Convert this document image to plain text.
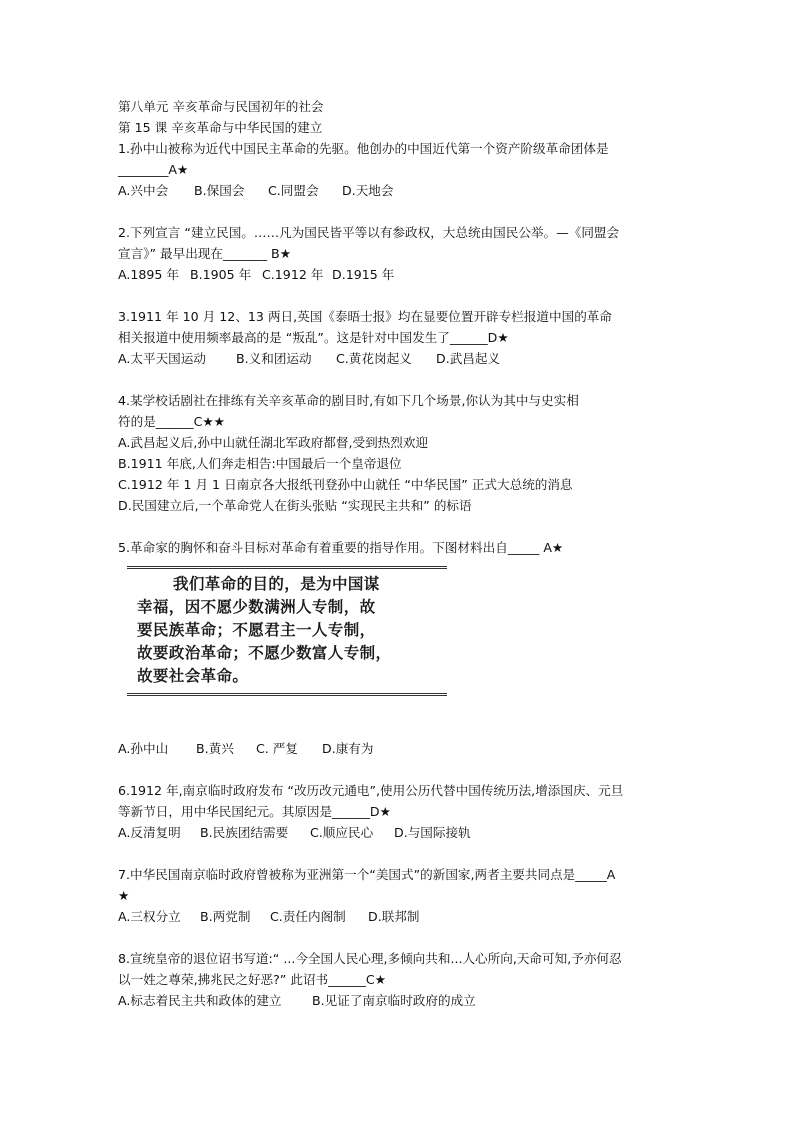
第八单元 辛亥革命与民国初年的社会
第 15 课 辛亥革命与中华民国的建立
1.孙中山被称为近代中国民主革命的先驱。他创办的中国近代第一个资产阶级革命团体是
________A★
A.兴中会 B.保国会 C.同盟会 D.天地会
2.下列宣言 “建立民国。……凡为国民皆平等以有参政权，大总统由国民公举。—《同盟会
宣言》” 最早出现在_______ B★
A.1895 年 B.1905 年 C.1912 年 D.1915 年
3.1911 年 10 月 12、13 两日,英国《泰晤士报》均在显要位置开辟专栏报道中国的革命
相关报道中使用频率最高的是 “叛乱”。这是针对中国发生了______D★
A.太平天国运动 B.义和团运动 C.黄花岗起义 D.武昌起义
4.某学校话剧社在排练有关辛亥革命的剧目时,有如下几个场景,你认为其中与史实相
符的是______C★★
A.武昌起义后,孙中山就任湖北军政府都督,受到热烈欢迎
B.1911 年底,人们奔走相告:中国最后一个皇帝退位
C.1912 年 1 月 1 日南京各大报纸刊登孙中山就任 “中华民国” 正式大总统的消息
D.民国建立后,一个革命党人在街头张贴 “实现民主共和” 的标语
5.革命家的胸怀和奋斗目标对革命有着重要的指导作用。下图材料出自_____ A★
我们革命的目的，是为中国谋
幸福，因不愿少数满洲人专制，故
要民族革命；不愿君主一人专制，
故要政治革命；不愿少数富人专制，
故要社会革命。
A.孙中山 B.黄兴 C. 严复 D.康有为
6.1912 年,南京临时政府发布 “改历改元通电”,使用公历代替中国传统历法,增添国庆、元旦
等新节日，用中华民国纪元。其原因是______D★
A.反清复明 B.民族团结需要 C.顺应民心 D.与国际接轨
7.中华民国南京临时政府曾被称为亚洲第一个“美国式”的新国家,两者主要共同点是_____A
★
A.三权分立 B.两党制 C.责任内阁制 D.联邦制
8.宣统皇帝的退位诏书写道:“ ...今全国人民心理,多倾向共和...人心所向,天命可知,予亦何忍
以一姓之尊荣,拂兆民之好恶?” 此诏书______C★
A.标志着民主共和政体的建立 B.见证了南京临时政府的成立
